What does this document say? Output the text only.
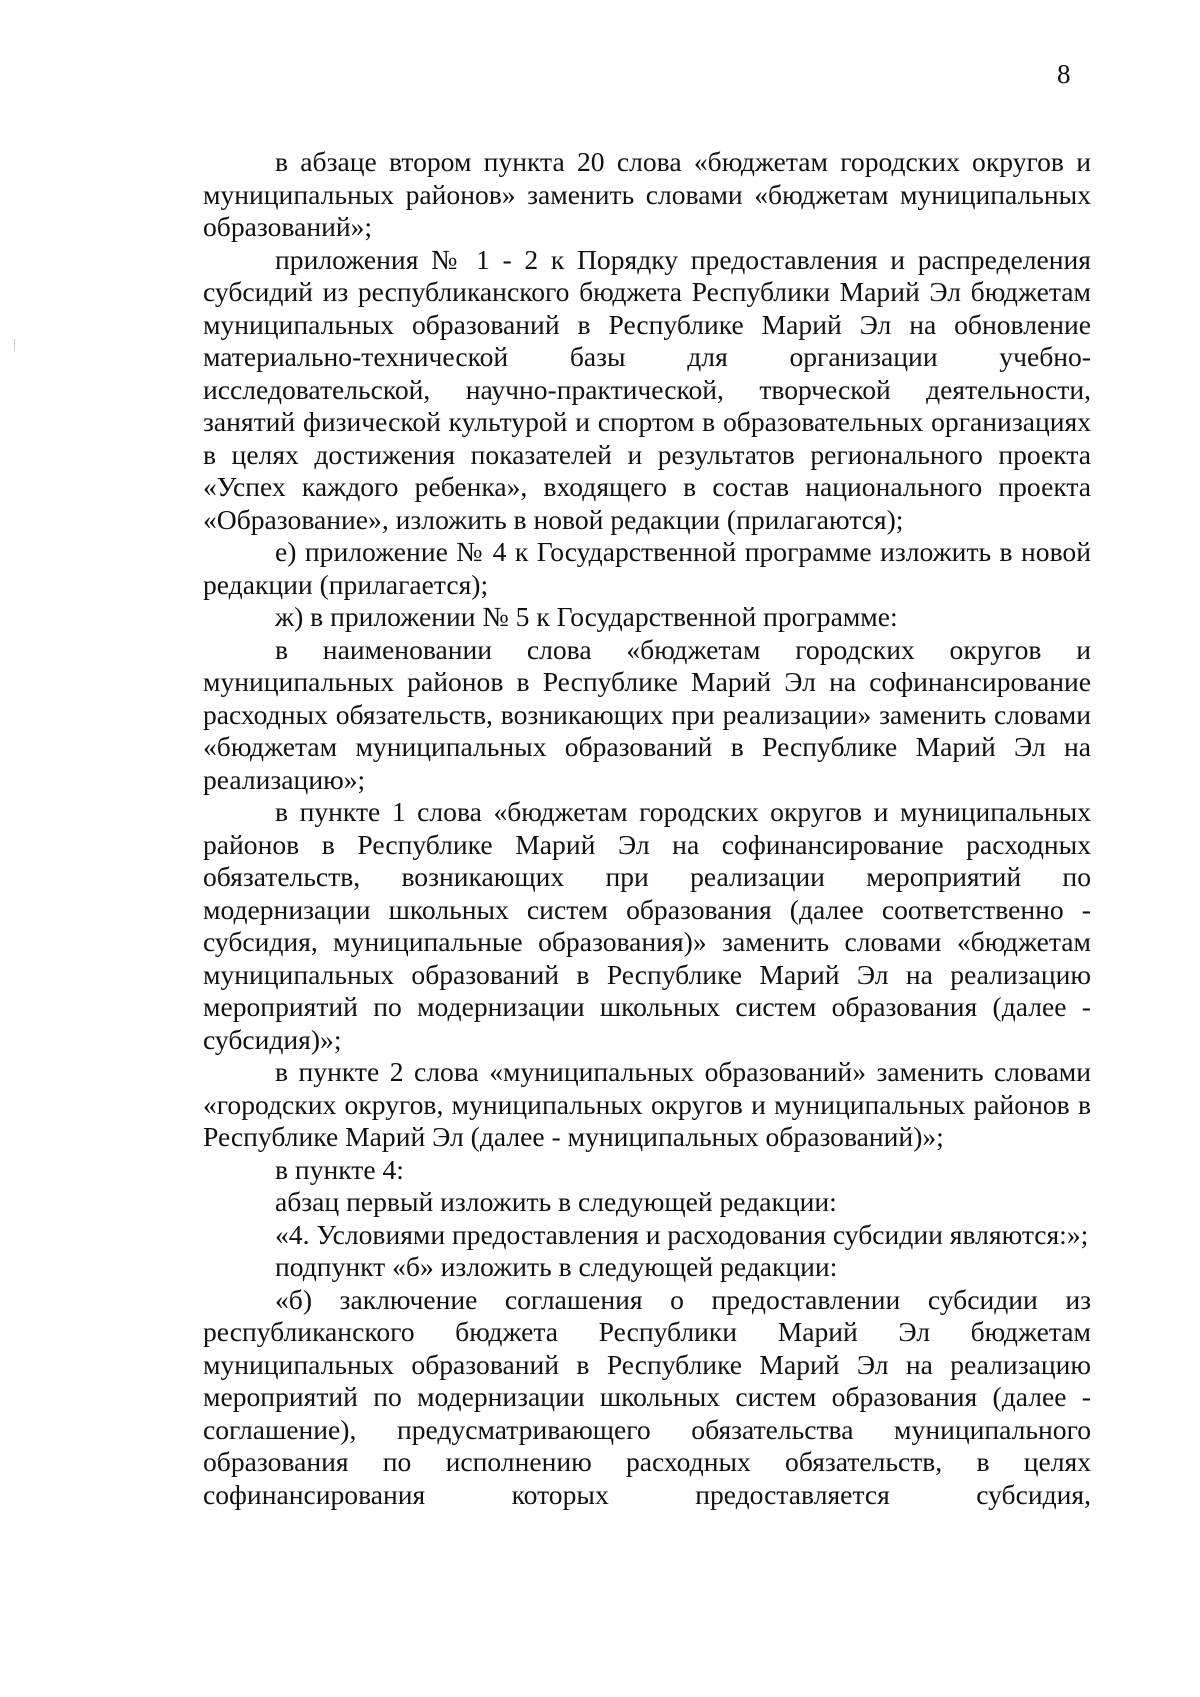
8

в абзаце втором пункта 20 слова «бюджетам городских округов и муниципальных районов» заменить словами «бюджетам муниципальных образований»;

приложения № 1 - 2 к Порядку предоставления и распределения субсидий из республиканского бюджета Республики Марий Эл бюджетам муниципальных образований в Республике Марий Эл на обновление материально-технической базы для организации учебно-исследовательской, научно-практической, творческой деятельности, занятий физической культурой и спортом в образовательных организациях в целях достижения показателей и результатов регионального проекта «Успех каждого ребенка», входящего в состав национального проекта «Образование», изложить в новой редакции (прилагаются);

е) приложение № 4 к Государственной программе изложить в новой редакции (прилагается);

ж) в приложении № 5 к Государственной программе:

в наименовании слова «бюджетам городских округов и муниципальных районов в Республике Марий Эл на софинансирование расходных обязательств, возникающих при реализации» заменить словами «бюджетам муниципальных образований в Республике Марий Эл на реализацию»;

в пункте 1 слова «бюджетам городских округов и муниципальных районов в Республике Марий Эл на софинансирование расходных обязательств, возникающих при реализации мероприятий по модернизации школьных систем образования (далее соответственно - субсидия, муниципальные образования)» заменить словами «бюджетам муниципальных образований в Республике Марий Эл на реализацию мероприятий по модернизации школьных систем образования (далее - субсидия)»;

в пункте 2 слова «муниципальных образований» заменить словами «городских округов, муниципальных округов и муниципальных районов в Республике Марий Эл (далее - муниципальных образований)»;

в пункте 4:

абзац первый изложить в следующей редакции:

«4. Условиями предоставления и расходования субсидии являются:»;

подпункт «б» изложить в следующей редакции:

«б) заключение соглашения о предоставлении субсидии из республиканского бюджета Республики Марий Эл бюджетам муниципальных образований в Республике Марий Эл на реализацию мероприятий по модернизации школьных систем образования (далее - соглашение), предусматривающего обязательства муниципального образования по исполнению расходных обязательств, в целях софинансирования которых предоставляется субсидия,
